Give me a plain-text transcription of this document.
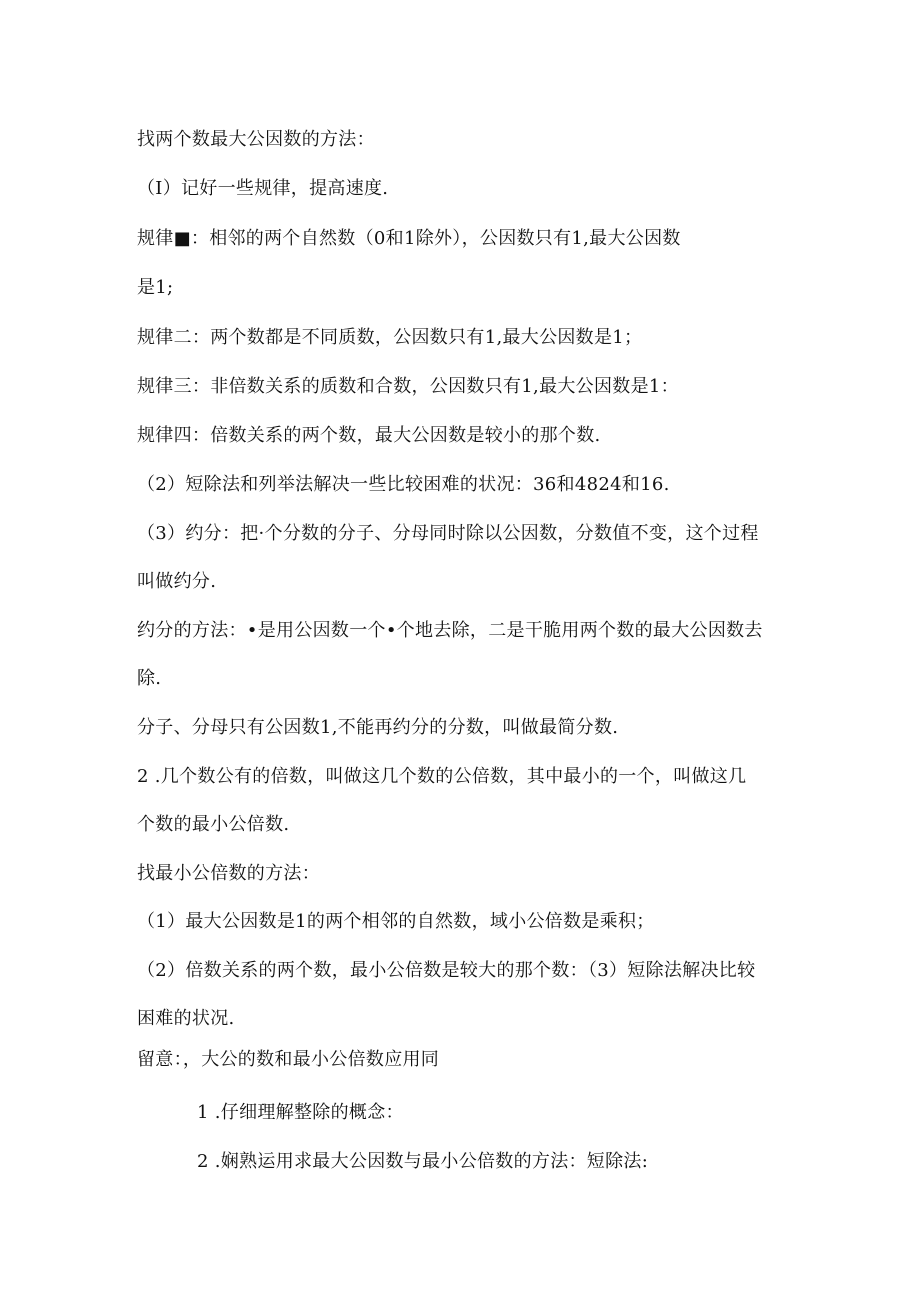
找两个数最大公因数的方法：
（I）记好一些规律，提高速度.
规律■：相邻的两个自然数（0和1除外），公因数只有1,最大公因数
是1;
规律二：两个数都是不同质数，公因数只有1,最大公因数是1；
规律三：非倍数关系的质数和合数，公因数只有1,最大公因数是1：
规律四：倍数关系的两个数，最大公因数是较小的那个数.
（2）短除法和列举法解决一些比较困难的状况：36和4824和16.
（3）约分：把·个分数的分子、分母同时除以公因数，分数值不变，这个过程
叫做约分.
约分的方法：•是用公因数一个•个地去除，二是干脆用两个数的最大公因数去
除.
分子、分母只有公因数1,不能再约分的分数，叫做最简分数.
2 .几个数公有的倍数，叫做这几个数的公倍数，其中最小的一个，叫做这几
个数的最小公倍数.
找最小公倍数的方法：
（1）最大公因数是1的两个相邻的自然数，域小公倍数是乘积；
（2）倍数关系的两个数，最小公倍数是较大的那个数：（3）短除法解决比较
困难的状况.
留意：，大公的数和最小公倍数应用同
1 .仔细理解整除的概念：
2 .娴熟运用求最大公因数与最小公倍数的方法：短除法:
